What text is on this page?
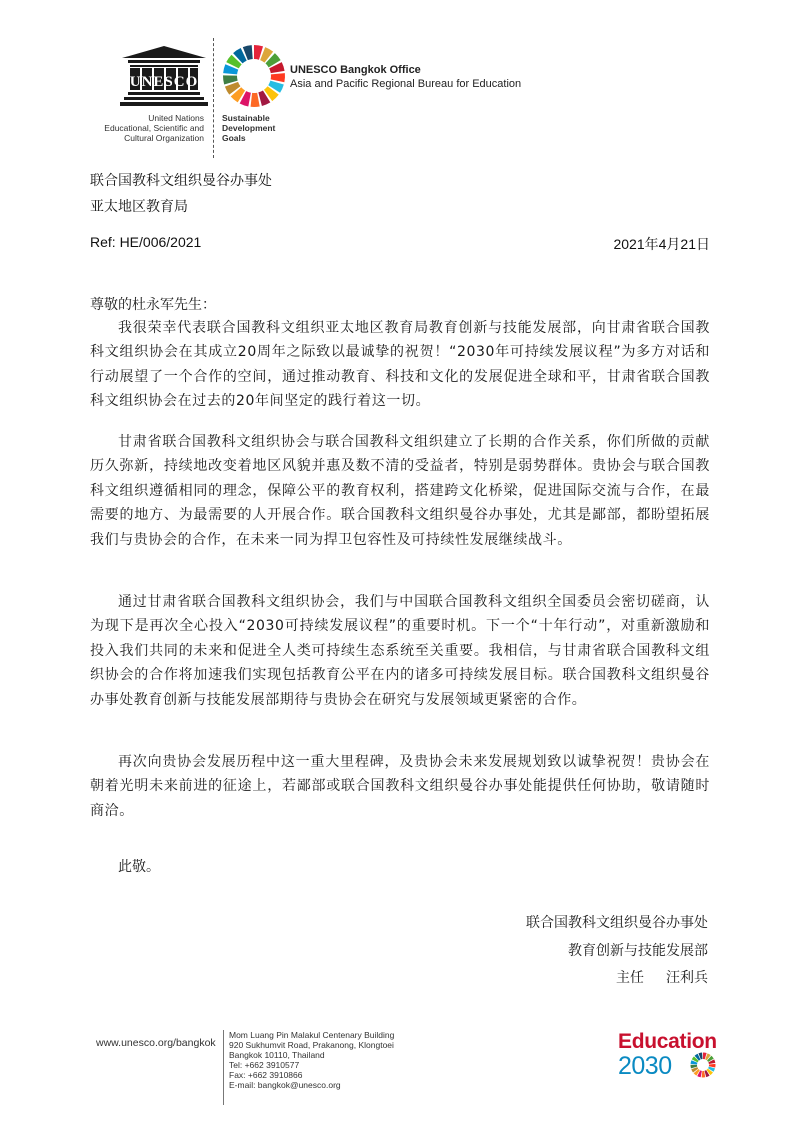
UNESCO
United Nations
Educational, Scientific and
Cultural Organization
UNESCO Bangkok Office
Asia and Pacific Regional Bureau for Education
Sustainable
Development
Goals
联合国教科文组织曼谷办事处
亚太地区教育局
Ref: HE/006/2021	2021年4月21日
尊敬的杜永军先生：
我很荣幸代表联合国教科文组织亚太地区教育局教育创新与技能发展部，向甘肃省联合国教科文组织协会在其成立20周年之际致以最诚挚的祝贺！“2030年可持续发展议程”为多方对话和行动展望了一个合作的空间，通过推动教育、科技和文化的发展促进全球和平，甘肃省联合国教科文组织协会在过去的20年间坚定的践行着这一切。
甘肃省联合国教科文组织协会与联合国教科文组织建立了长期的合作关系，你们所做的贡献历久弥新，持续地改变着地区风貌并惠及数不清的受益者，特别是弱势群体。贵协会与联合国教科文组织遵循相同的理念，保障公平的教育权利，搭建跨文化桥梁，促进国际交流与合作，在最需要的地方、为最需要的人开展合作。联合国教科文组织曼谷办事处，尤其是鄙部，都盼望拓展我们与贵协会的合作，在未来一同为捍卫包容性及可持续性发展继续战斗。
通过甘肃省联合国教科文组织协会，我们与中国联合国教科文组织全国委员会密切磋商，认为现下是再次全心投入“2030可持续发展议程”的重要时机。下一个“十年行动”，对重新激励和投入我们共同的未来和促进全人类可持续生态系统至关重要。我相信，与甘肃省联合国教科文组织协会的合作将加速我们实现包括教育公平在内的诸多可持续发展目标。联合国教科文组织曼谷办事处教育创新与技能发展部期待与贵协会在研究与发展领域更紧密的合作。
再次向贵协会发展历程中这一重大里程碑，及贵协会未来发展规划致以诚挚祝贺！贵协会在朝着光明未来前进的征途上，若鄙部或联合国教科文组织曼谷办事处能提供任何协助，敬请随时商洽。
此敬。
联合国教科文组织曼谷办事处
教育创新与技能发展部
主任 汪利兵
www.unesco.org/bangkok
Mom Luang Pin Malakul Centenary Building
920 Sukhumvit Road, Prakanong, Klongtoei
Bangkok 10110, Thailand
Tel: +662 3910577
Fax: +662 3910866
E-mail: bangkok@unesco.org
Education
2030
